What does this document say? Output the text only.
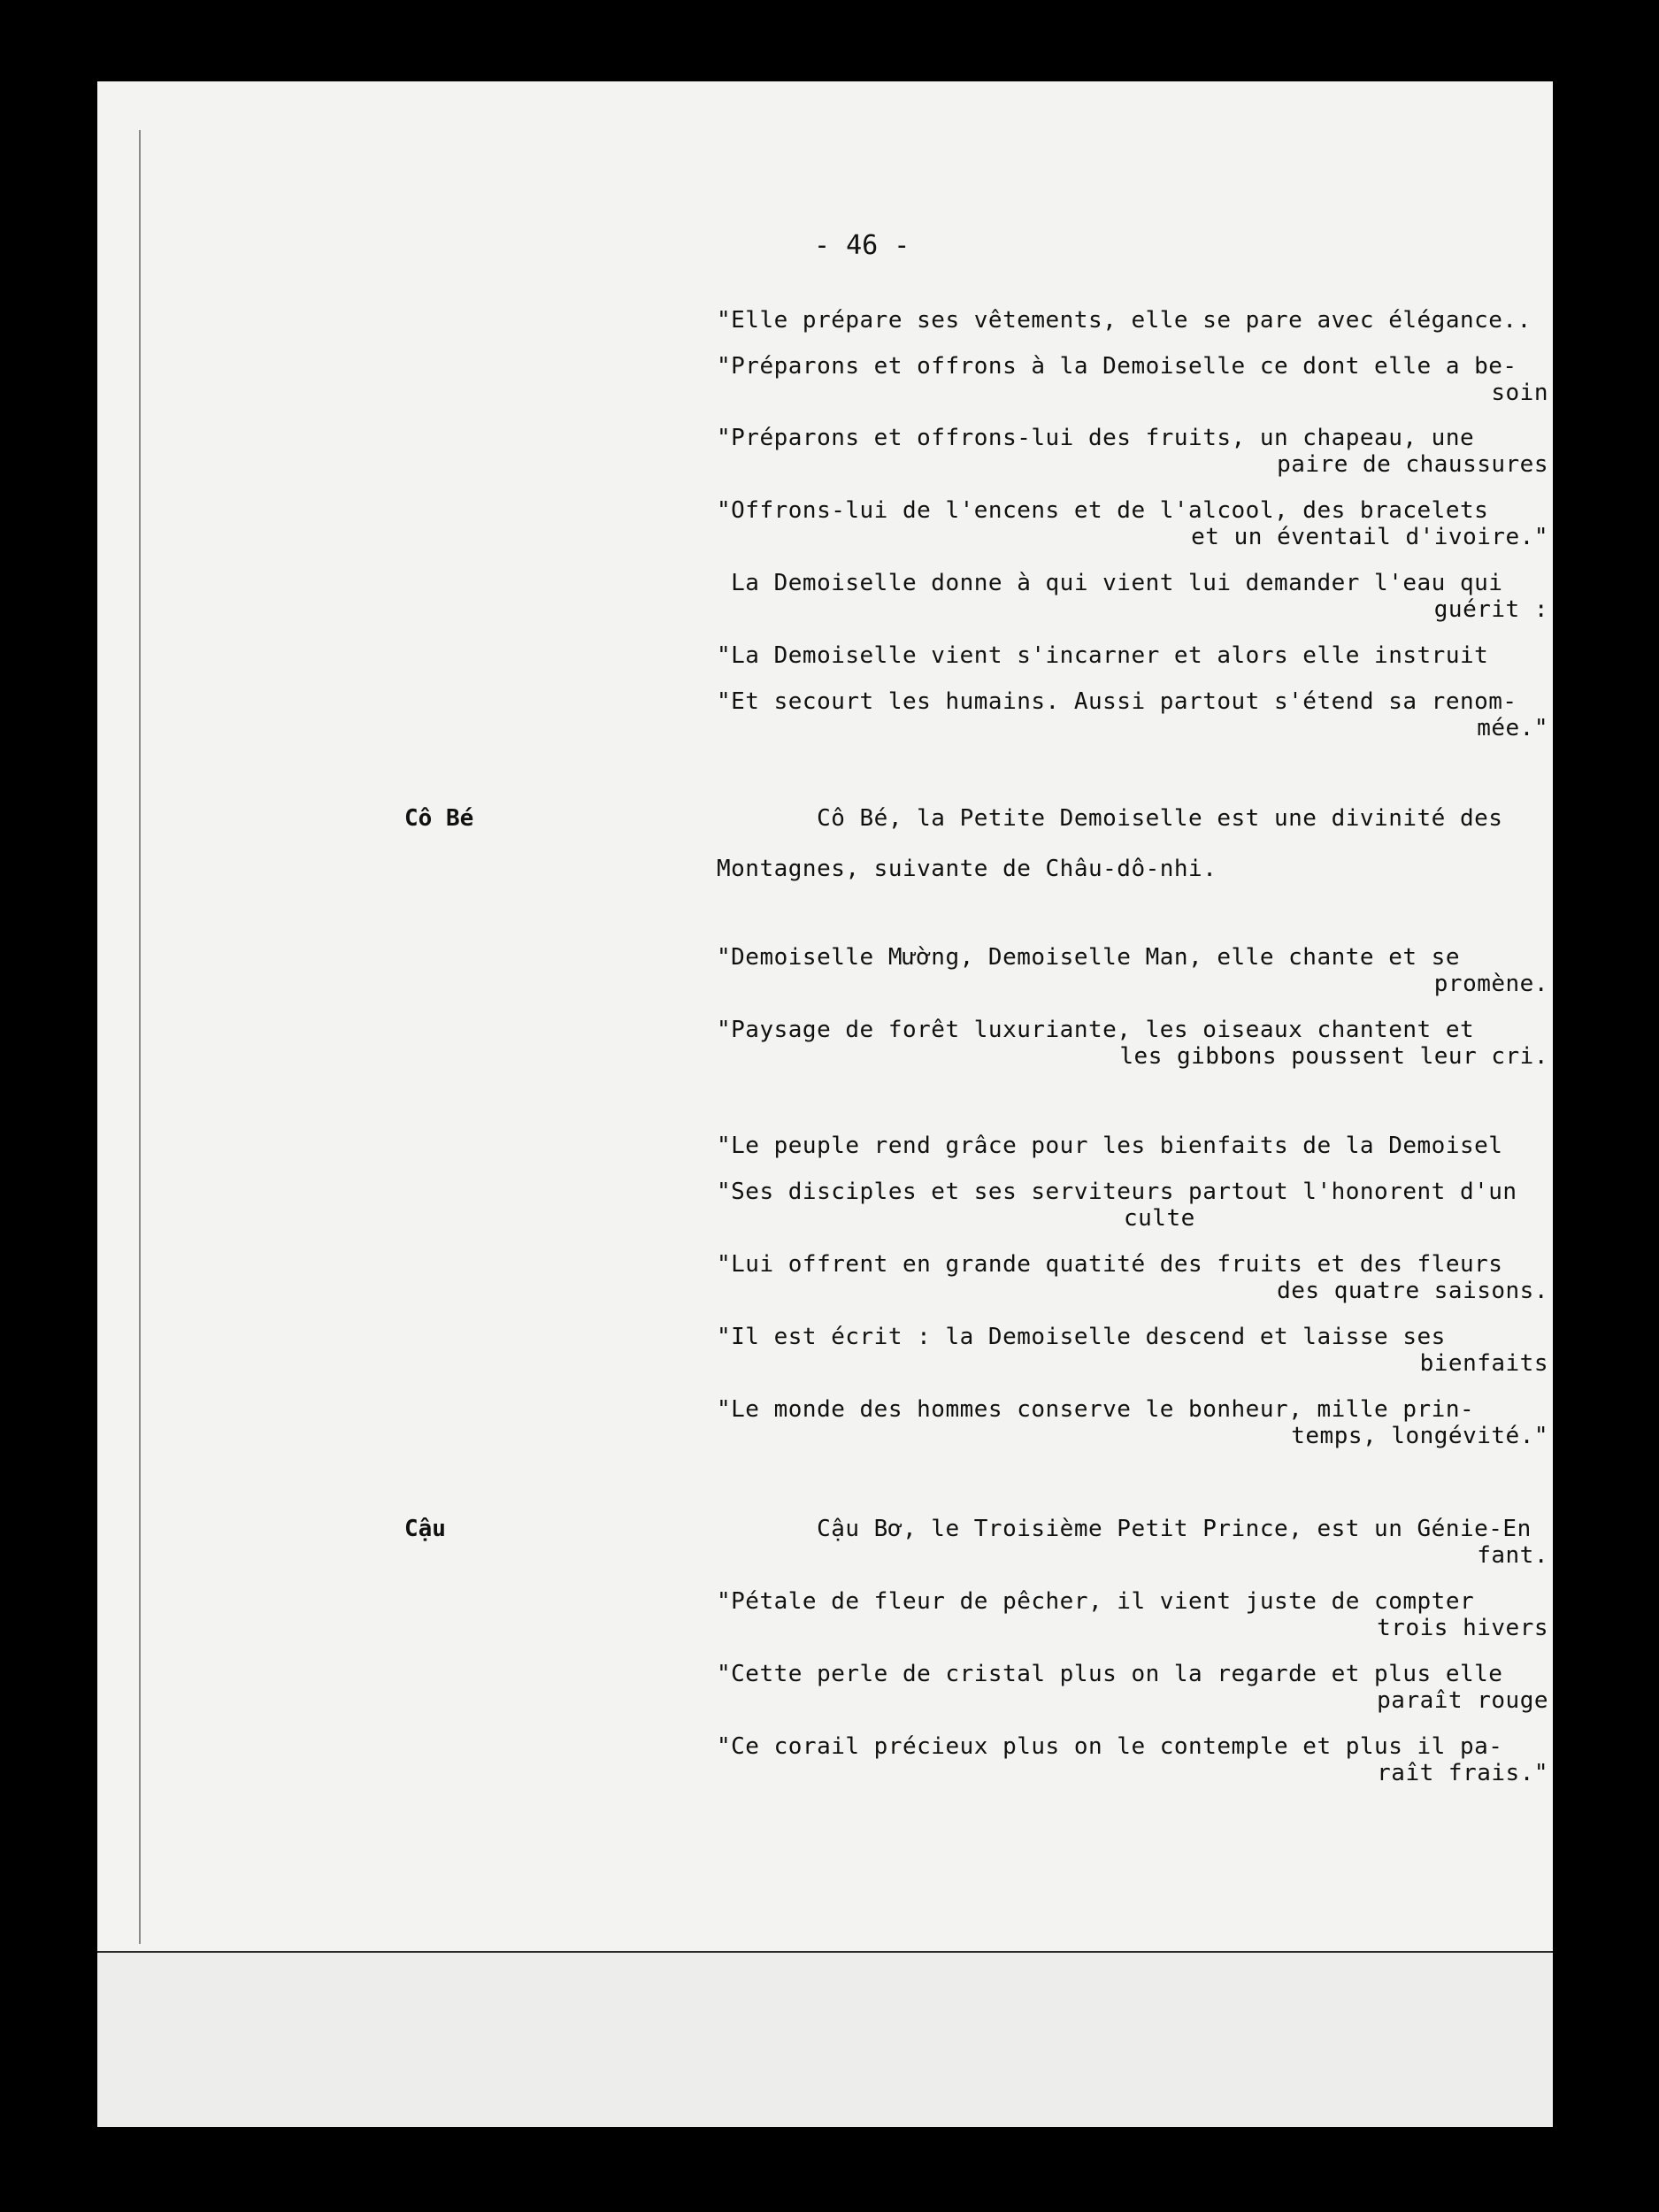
- 46 -
"Elle prépare ses vêtements, elle se pare avec élégance..
"Préparons et offrons à la Demoiselle ce dont elle a be-
soin
"Préparons et offrons-lui des fruits, un chapeau, une
paire de chaussures
"Offrons-lui de l'encens et de l'alcool, des bracelets
et un éventail d'ivoire."
La Demoiselle donne à qui vient lui demander l'eau qui
guérit :
"La Demoiselle vient s'incarner et alors elle instruit
"Et secourt les humains. Aussi partout s'étend sa renom-
mée."
Cô Bé	Cô Bé, la Petite Demoiselle est une divinité des
Montagnes, suivante de Châu-dô-nhi.
"Demoiselle Mường, Demoiselle Man, elle chante et se
promène.
"Paysage de forêt luxuriante, les oiseaux chantent et
les gibbons poussent leur cri.
"Le peuple rend grâce pour les bienfaits de la Demoisel
"Ses disciples et ses serviteurs partout l'honorent d'un
culte
"Lui offrent en grande quatité des fruits et des fleurs
des quatre saisons.
"Il est écrit : la Demoiselle descend et laisse ses
bienfaits
"Le monde des hommes conserve le bonheur, mille prin-
temps, longévité."
Cậu	Cậu Bơ, le Troisième Petit Prince, est un Génie-En
fant.
"Pétale de fleur de pêcher, il vient juste de compter
trois hivers
"Cette perle de cristal plus on la regarde et plus elle
paraît rouge
"Ce corail précieux plus on le contemple et plus il pa-
raît frais."
